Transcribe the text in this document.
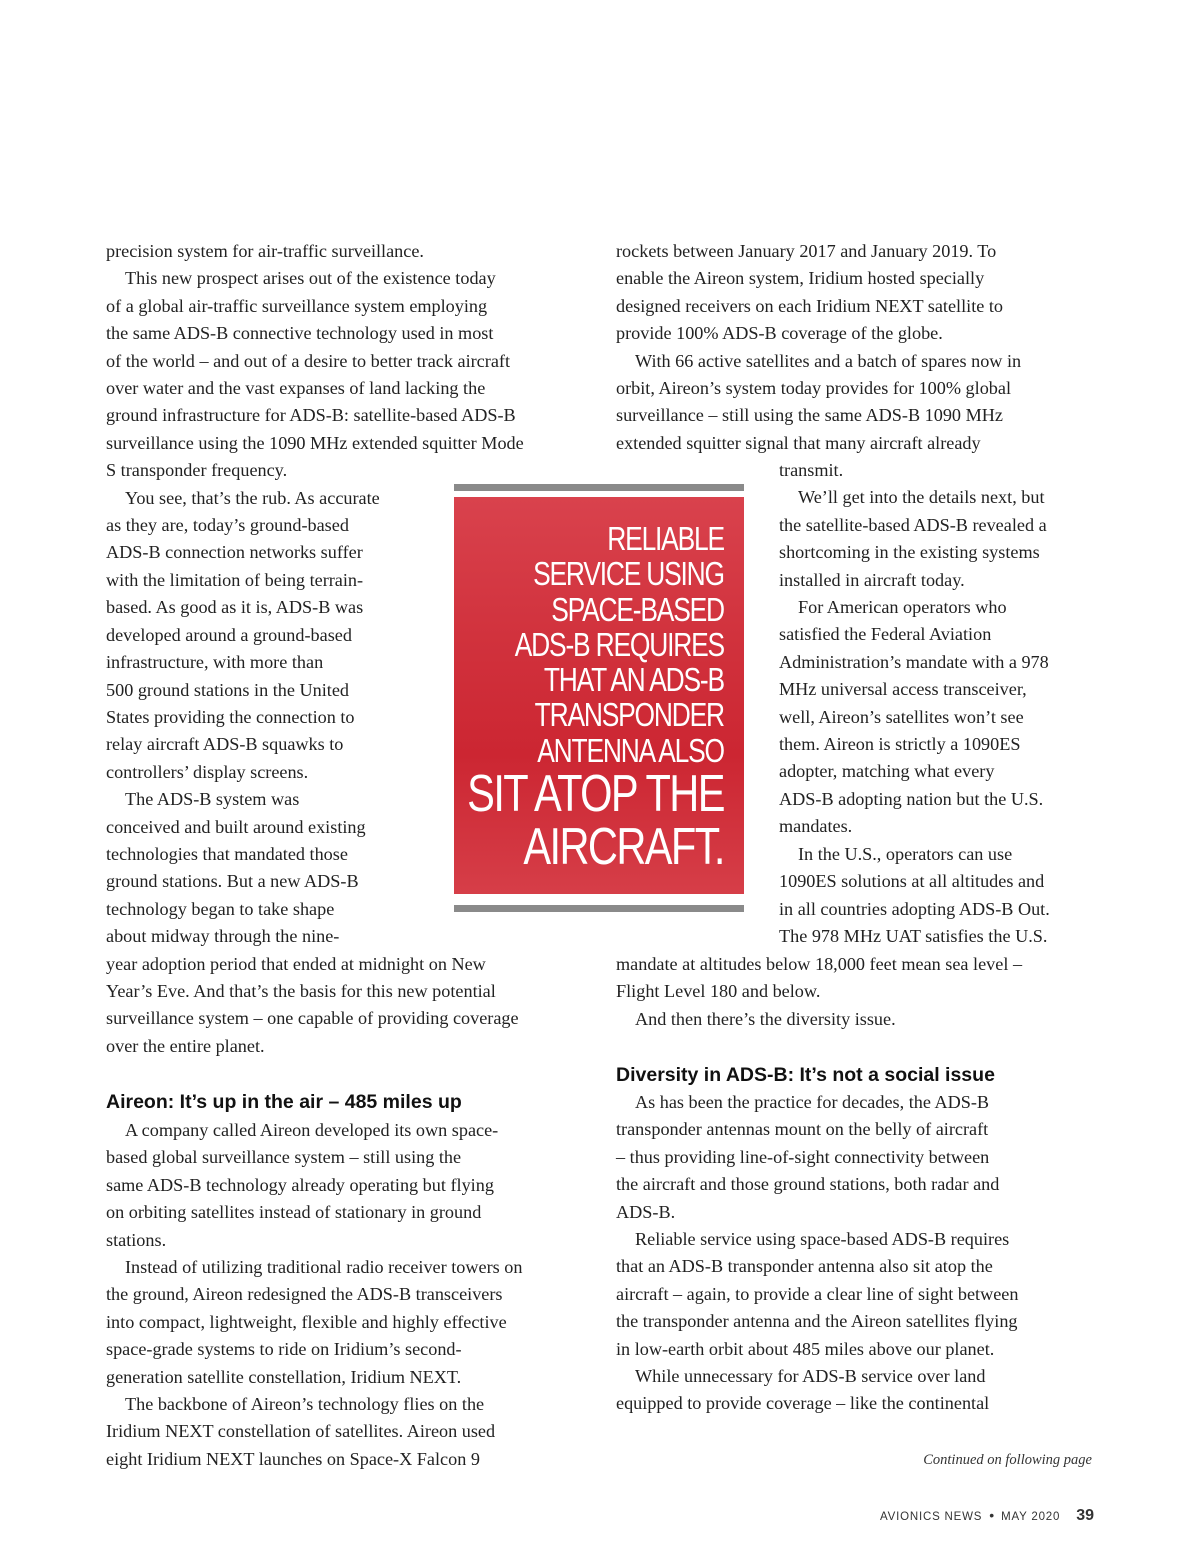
precision system for air-traffic surveillance.
This new prospect arises out of the existence today
of a global air-traffic surveillance system employing
the same ADS-B connective technology used in most
of the world – and out of a desire to better track aircraft
over water and the vast expanses of land lacking the
ground infrastructure for ADS-B: satellite-based ADS-B
surveillance using the 1090 MHz extended squitter Mode
S transponder frequency.
You see, that’s the rub. As accurate
as they are, today’s ground-based
ADS-B connection networks suffer
with the limitation of being terrain-
based. As good as it is, ADS-B was
developed around a ground-based
infrastructure, with more than
500 ground stations in the United
States providing the connection to
relay aircraft ADS-B squawks to
controllers’ display screens.
The ADS-B system was
conceived and built around existing
technologies that mandated those
ground stations. But a new ADS-B
technology began to take shape
about midway through the nine-
year adoption period that ended at midnight on New
Year’s Eve. And that’s the basis for this new potential
surveillance system – one capable of providing coverage
over the entire planet.
Aireon: It’s up in the air – 485 miles up
A company called Aireon developed its own space-
based global surveillance system – still using the
same ADS-B technology already operating but flying
on orbiting satellites instead of stationary in ground
stations.
Instead of utilizing traditional radio receiver towers on
the ground, Aireon redesigned the ADS-B transceivers
into compact, lightweight, flexible and highly effective
space-grade systems to ride on Iridium’s second-
generation satellite constellation, Iridium NEXT.
The backbone of Aireon’s technology flies on the
Iridium NEXT constellation of satellites. Aireon used
eight Iridium NEXT launches on Space-X Falcon 9
rockets between January 2017 and January 2019. To
enable the Aireon system, Iridium hosted specially
designed receivers on each Iridium NEXT satellite to
provide 100% ADS-B coverage of the globe.
With 66 active satellites and a batch of spares now in
orbit, Aireon’s system today provides for 100% global
surveillance – still using the same ADS-B 1090 MHz
extended squitter signal that many aircraft already
transmit.
We’ll get into the details next, but
the satellite-based ADS-B revealed a
shortcoming in the existing systems
installed in aircraft today.
For American operators who
satisfied the Federal Aviation
Administration’s mandate with a 978
MHz universal access transceiver,
well, Aireon’s satellites won’t see
them. Aireon is strictly a 1090ES
adopter, matching what every
ADS-B adopting nation but the U.S.
mandates.
In the U.S., operators can use
1090ES solutions at all altitudes and
in all countries adopting ADS-B Out.
The 978 MHz UAT satisfies the U.S.
mandate at altitudes below 18,000 feet mean sea level –
Flight Level 180 and below.
And then there’s the diversity issue.
Diversity in ADS-B: It’s not a social issue
As has been the practice for decades, the ADS-B
transponder antennas mount on the belly of aircraft
– thus providing line-of-sight connectivity between
the aircraft and those ground stations, both radar and
ADS-B.
Reliable service using space-based ADS-B requires
that an ADS-B transponder antenna also sit atop the
aircraft – again, to provide a clear line of sight between
the transponder antenna and the Aireon satellites flying
in low-earth orbit about 485 miles above our planet.
While unnecessary for ADS-B service over land
equipped to provide coverage – like the continental
RELIABLE
SERVICE USING
SPACE-BASED
ADS-B REQUIRES
THAT AN ADS-B
TRANSPONDER
ANTENNA ALSO
SIT ATOP THE
AIRCRAFT.
Continued on following page
AVIONICS NEWS • MAY 2020 39
